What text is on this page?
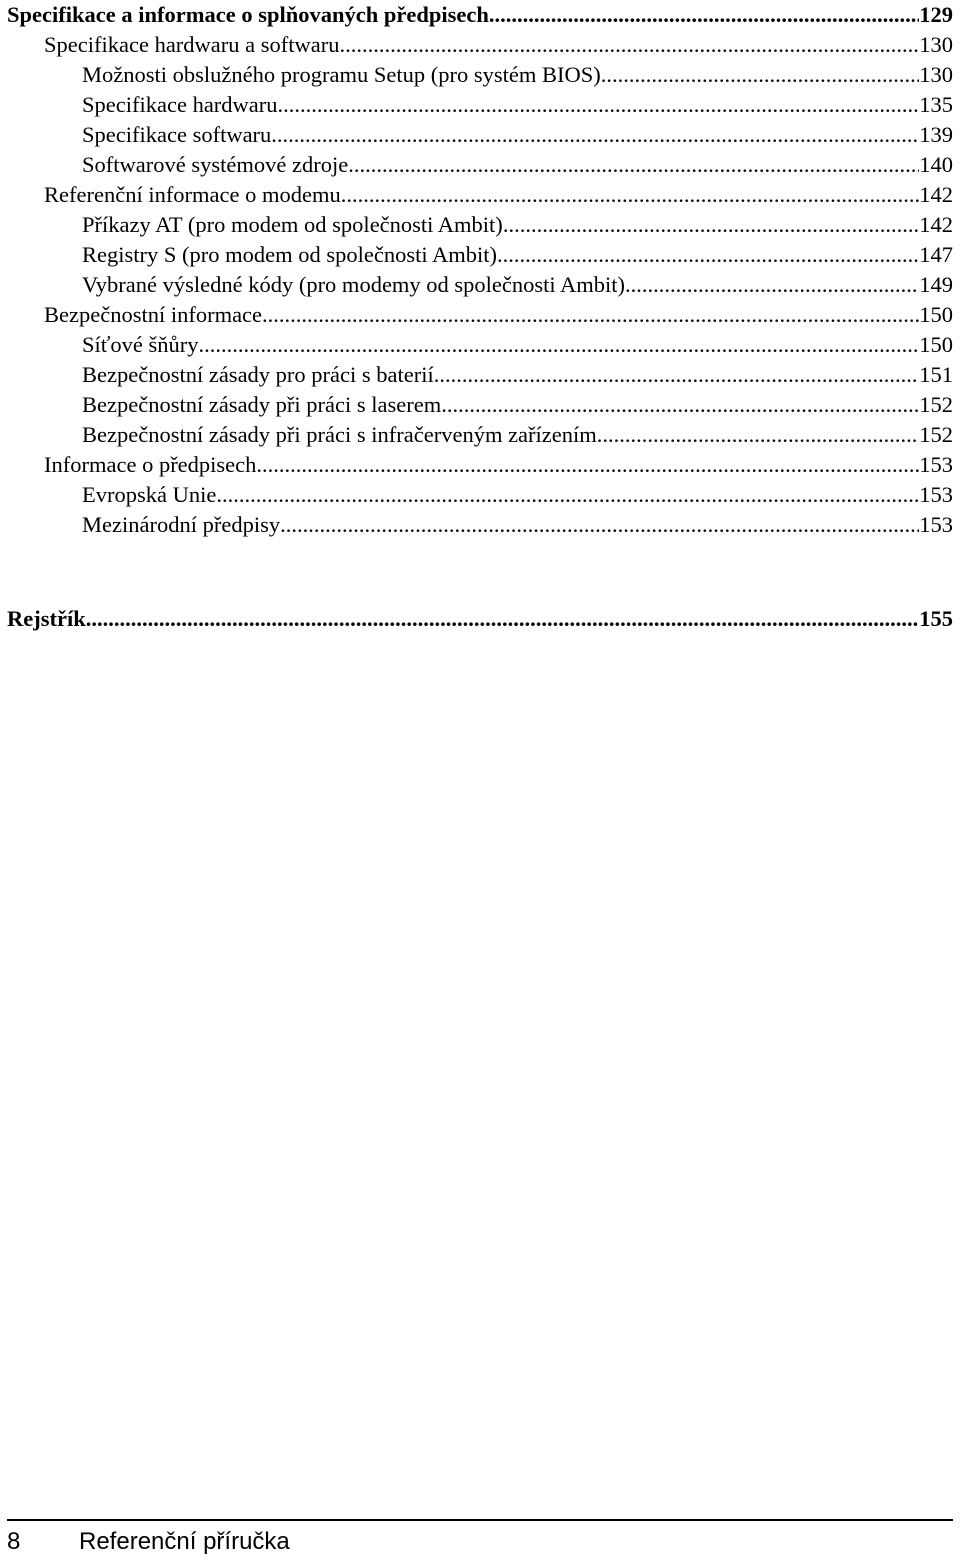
Specifikace a informace o splňovaných předpisech .....	129
Specifikace hardwaru a softwaru .....	130
Možnosti obslužného programu Setup (pro systém BIOS) .....	130
Specifikace hardwaru .....	135
Specifikace softwaru .....	139
Softwarové systémové zdroje .....	140
Referenční informace o modemu .....	142
Příkazy AT (pro modem od společnosti Ambit) .....	142
Registry S (pro modem od společnosti Ambit) .....	147
Vybrané výsledné kódy (pro modemy od společnosti Ambit) .....	149
Bezpečnostní informace .....	150
Síťové šňůry .....	150
Bezpečnostní zásady pro práci s baterií .....	151
Bezpečnostní zásady při práci s laserem .....	152
Bezpečnostní zásady při práci s infračerveným zařízením .....	152
Informace o předpisech .....	153
Evropská Unie .....	153
Mezinárodní předpisy .....	153
Rejstřík .....	155
8 Referenční příručka
